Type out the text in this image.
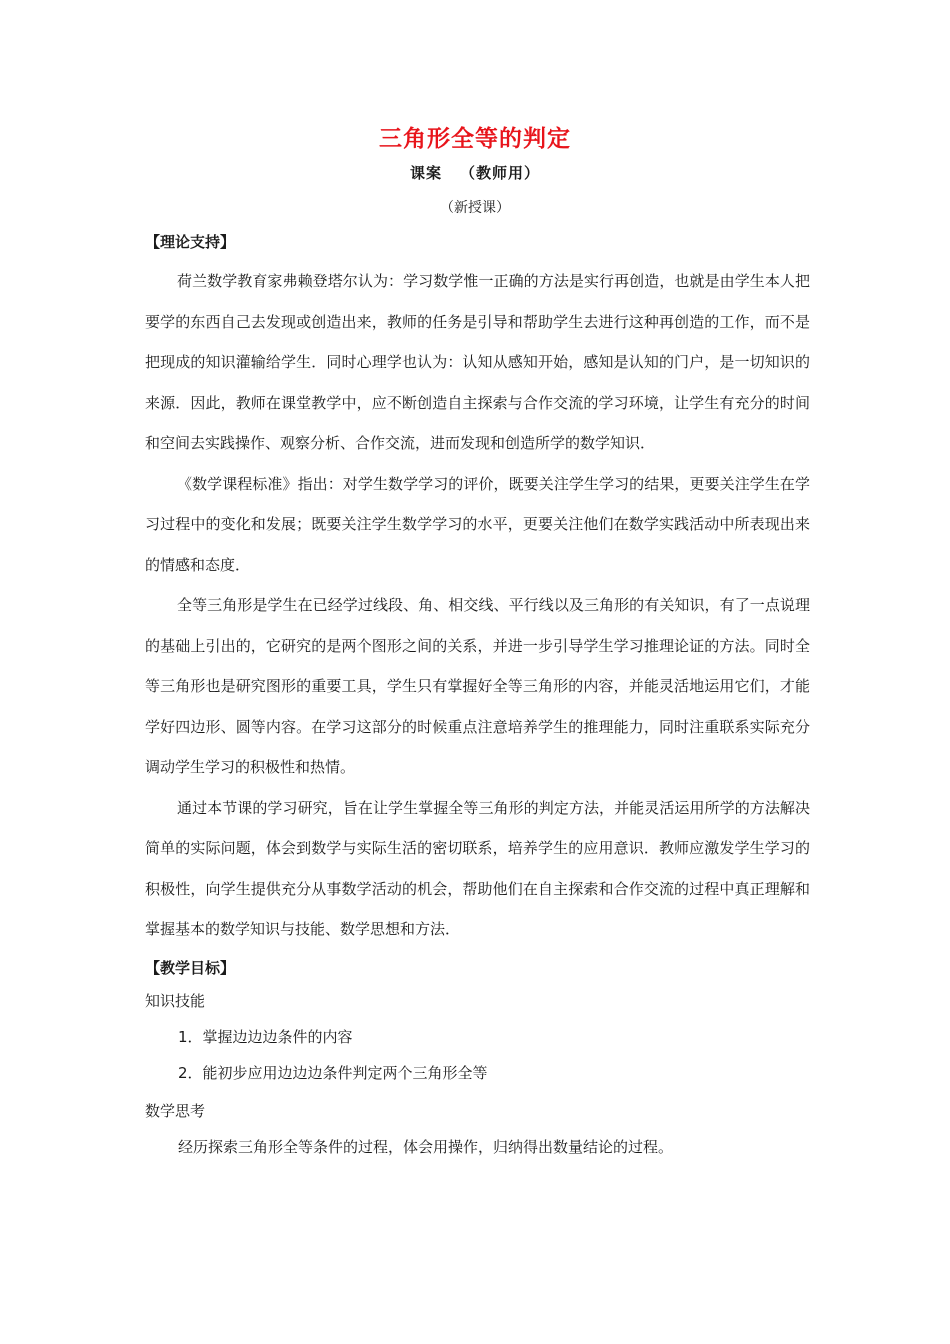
三角形全等的判定
课案 （教师用）
（新授课）
【理论支持】

荷兰数学教育家弗赖登塔尔认为：学习数学惟一正确的方法是实行再创造，也就是由学生本人把要学的东西自己去发现或创造出来，教师的任务是引导和帮助学生去进行这种再创造的工作，而不是把现成的知识灌输给学生．同时心理学也认为：认知从感知开始，感知是认知的门户，是一切知识的来源．因此，教师在课堂教学中，应不断创造自主探索与合作交流的学习环境，让学生有充分的时间和空间去实践操作、观察分析、合作交流，进而发现和创造所学的数学知识．

《数学课程标准》指出：对学生数学学习的评价，既要关注学生学习的结果，更要关注学生在学习过程中的变化和发展；既要关注学生数学学习的水平，更要关注他们在数学实践活动中所表现出来的情感和态度．

全等三角形是学生在已经学过线段、角、相交线、平行线以及三角形的有关知识，有了一点说理的基础上引出的，它研究的是两个图形之间的关系，并进一步引导学生学习推理论证的方法。同时全等三角形也是研究图形的重要工具，学生只有掌握好全等三角形的内容，并能灵活地运用它们，才能学好四边形、圆等内容。在学习这部分的时候重点注意培养学生的推理能力，同时注重联系实际充分调动学生学习的积极性和热情。

通过本节课的学习研究，旨在让学生掌握全等三角形的判定方法，并能灵活运用所学的方法解决简单的实际问题，体会到数学与实际生活的密切联系，培养学生的应用意识．教师应激发学生学习的积极性，向学生提供充分从事数学活动的机会，帮助他们在自主探索和合作交流的过程中真正理解和掌握基本的数学知识与技能、数学思想和方法．

【教学目标】
知识技能
1．掌握边边边条件的内容
2．能初步应用边边边条件判定两个三角形全等
数学思考
经历探索三角形全等条件的过程，体会用操作，归纳得出数量结论的过程。
